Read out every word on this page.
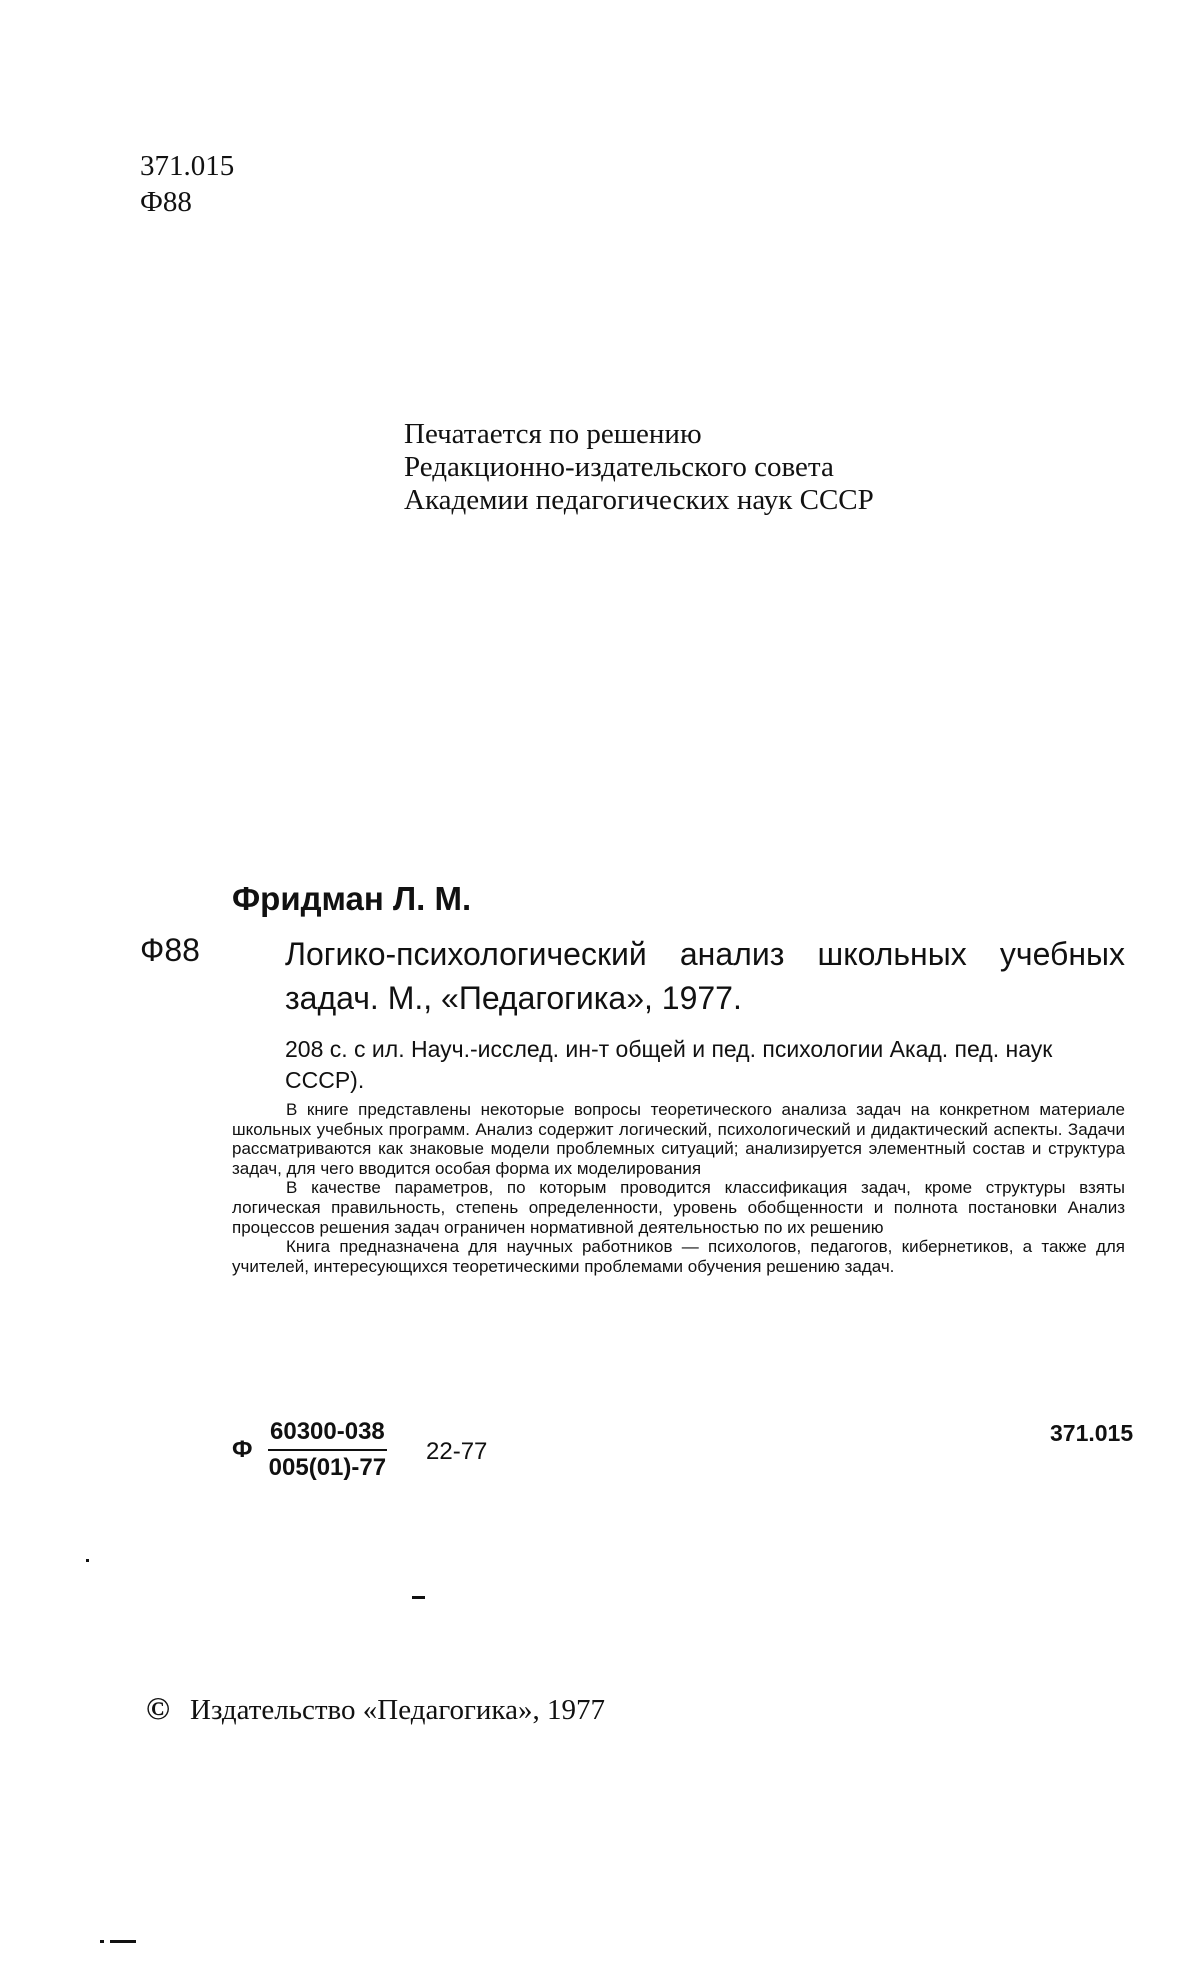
371.015
Ф88
Печатается по решению
Редакционно-издательского совета
Академии педагогических наук СССР
Фридман Л. М.
Ф88	Логико-психологический анализ школьных учебных задач. М., «Педагогика», 1977.
208 с. с ил. Науч.-исслед. ин-т общей и пед. психологии Акад. пед. наук СССР).

В книге представлены некоторые вопросы теоретического анализа задач на конкретном материале школьных учебных программ. Анализ содержит логический, психологический и дидактический аспекты. Задачи рассматриваются как знаковые модели проблемных ситуаций; анализируется элементный состав и структура задач, для чего вводится особая форма их моделирования

В качестве параметров, по которым проводится классификация задач, кроме структуры взяты логическая правильность, степень определенности, уровень обобщенности и полнота постановки Анализ процессов решения задач ограничен нормативной деятельностью по их решению

Книга предназначена для научных работников — психологов, педагогов, кибернетиков, а также для учителей, интересующихся теоретическими проблемами обучения решению задач.

Ф $\frac{60300-038}{005(01)-77} 22-77$
371.015
© Издательство «Педагогика», 1977
